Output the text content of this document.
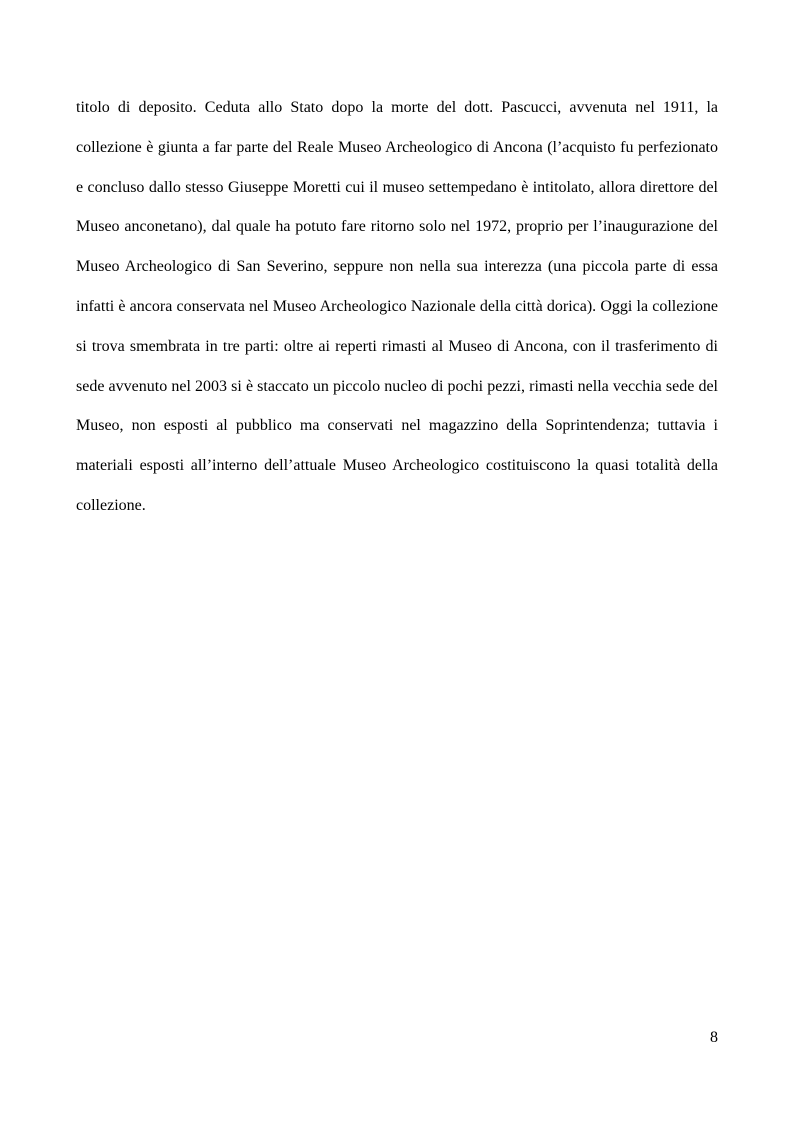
titolo di deposito. Ceduta allo Stato dopo la morte del dott. Pascucci, avvenuta nel 1911, la collezione è giunta a far parte del Reale Museo Archeologico di Ancona (l’acquisto fu perfezionato e concluso dallo stesso Giuseppe Moretti cui il museo settempedano è intitolato, allora direttore del Museo anconetano), dal quale ha potuto fare ritorno solo nel 1972, proprio per l’inaugurazione del Museo Archeologico di San Severino, seppure non nella sua interezza (una piccola parte di essa infatti è ancora conservata nel Museo Archeologico Nazionale della città dorica). Oggi la collezione si trova smembrata in tre parti: oltre ai reperti rimasti al Museo di Ancona, con il trasferimento di sede avvenuto nel 2003 si è staccato un piccolo nucleo di pochi pezzi, rimasti nella vecchia sede del Museo, non esposti al pubblico ma conservati nel magazzino della Soprintendenza; tuttavia i materiali esposti all’interno dell’attuale Museo Archeologico costituiscono la quasi totalità della collezione.

8
